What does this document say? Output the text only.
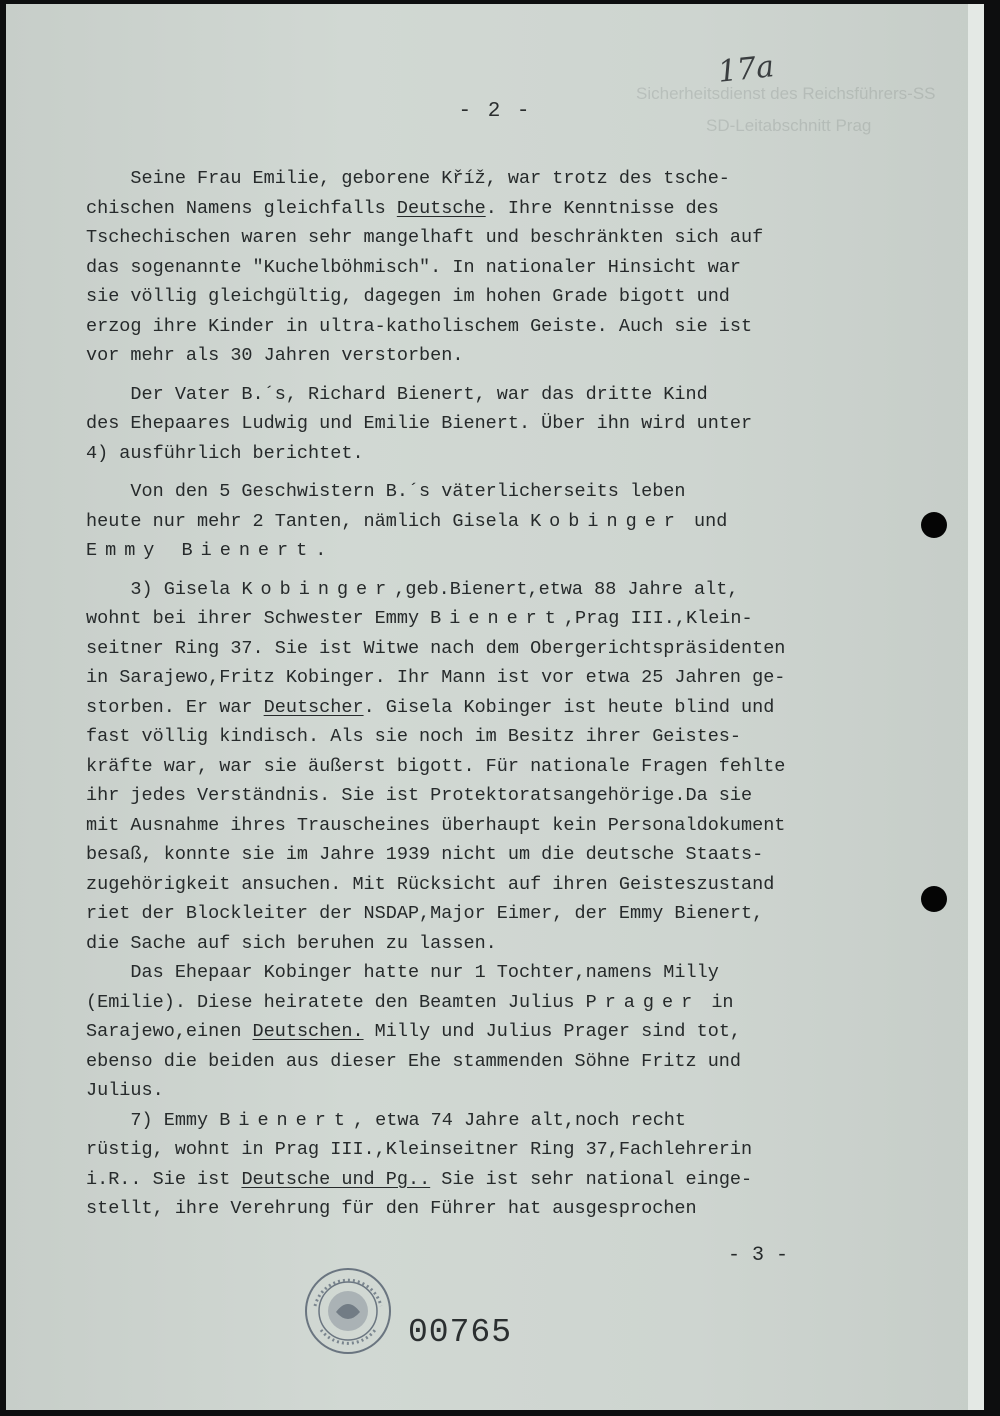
Sicherheitsdienst des Reichsführers-SS
SD-Leitabschnitt Prag
17a
- 2 -
Seine Frau Emilie, geborene Kříž, war trotz des tsche-
chischen Namens gleichfalls Deutsche. Ihre Kenntnisse des
Tschechischen waren sehr mangelhaft und beschränkten sich auf
das sogenannte "Kuchelböhmisch". In nationaler Hinsicht war
sie völlig gleichgültig, dagegen im hohen Grade bigott und
erzog ihre Kinder in ultra-katholischem Geiste. Auch sie ist
vor mehr als 30 Jahren verstorben.
Der Vater B.´s, Richard Bienert, war das dritte Kind
des Ehepaares Ludwig und Emilie Bienert. Über ihn wird unter
4) ausführlich berichtet.
Von den 5 Geschwistern B.´s väterlicherseits leben
heute nur mehr 2 Tanten, nämlich Gisela Kobinger und
Emmy Bienert.
3) Gisela Kobinger,geb.Bienert,etwa 88 Jahre alt,
wohnt bei ihrer Schwester Emmy Bienert,Prag III.,Klein-
seitner Ring 37. Sie ist Witwe nach dem Obergerichtspräsidenten
in Sarajewo,Fritz Kobinger. Ihr Mann ist vor etwa 25 Jahren ge-
storben. Er war Deutscher. Gisela Kobinger ist heute blind und
fast völlig kindisch. Als sie noch im Besitz ihrer Geistes-
kräfte war, war sie äußerst bigott. Für nationale Fragen fehlte
ihr jedes Verständnis. Sie ist Protektoratsangehörige.Da sie
mit Ausnahme ihres Trauscheines überhaupt kein Personaldokument
besaß, konnte sie im Jahre 1939 nicht um die deutsche Staats-
zugehörigkeit ansuchen. Mit Rücksicht auf ihren Geisteszustand
riet der Blockleiter der NSDAP,Major Eimer, der Emmy Bienert,
die Sache auf sich beruhen zu lassen.
Das Ehepaar Kobinger hatte nur 1 Tochter,namens Milly
(Emilie). Diese heiratete den Beamten Julius Prager in
Sarajewo,einen Deutschen. Milly und Julius Prager sind tot,
ebenso die beiden aus dieser Ehe stammenden Söhne Fritz und
Julius.
7) Emmy Bienert, etwa 74 Jahre alt,noch recht
rüstig, wohnt in Prag III.,Kleinseitner Ring 37,Fachlehrerin
i.R.. Sie ist Deutsche und Pg.. Sie ist sehr national einge-
stellt, ihre Verehrung für den Führer hat ausgesprochen
- 3 -
00765
